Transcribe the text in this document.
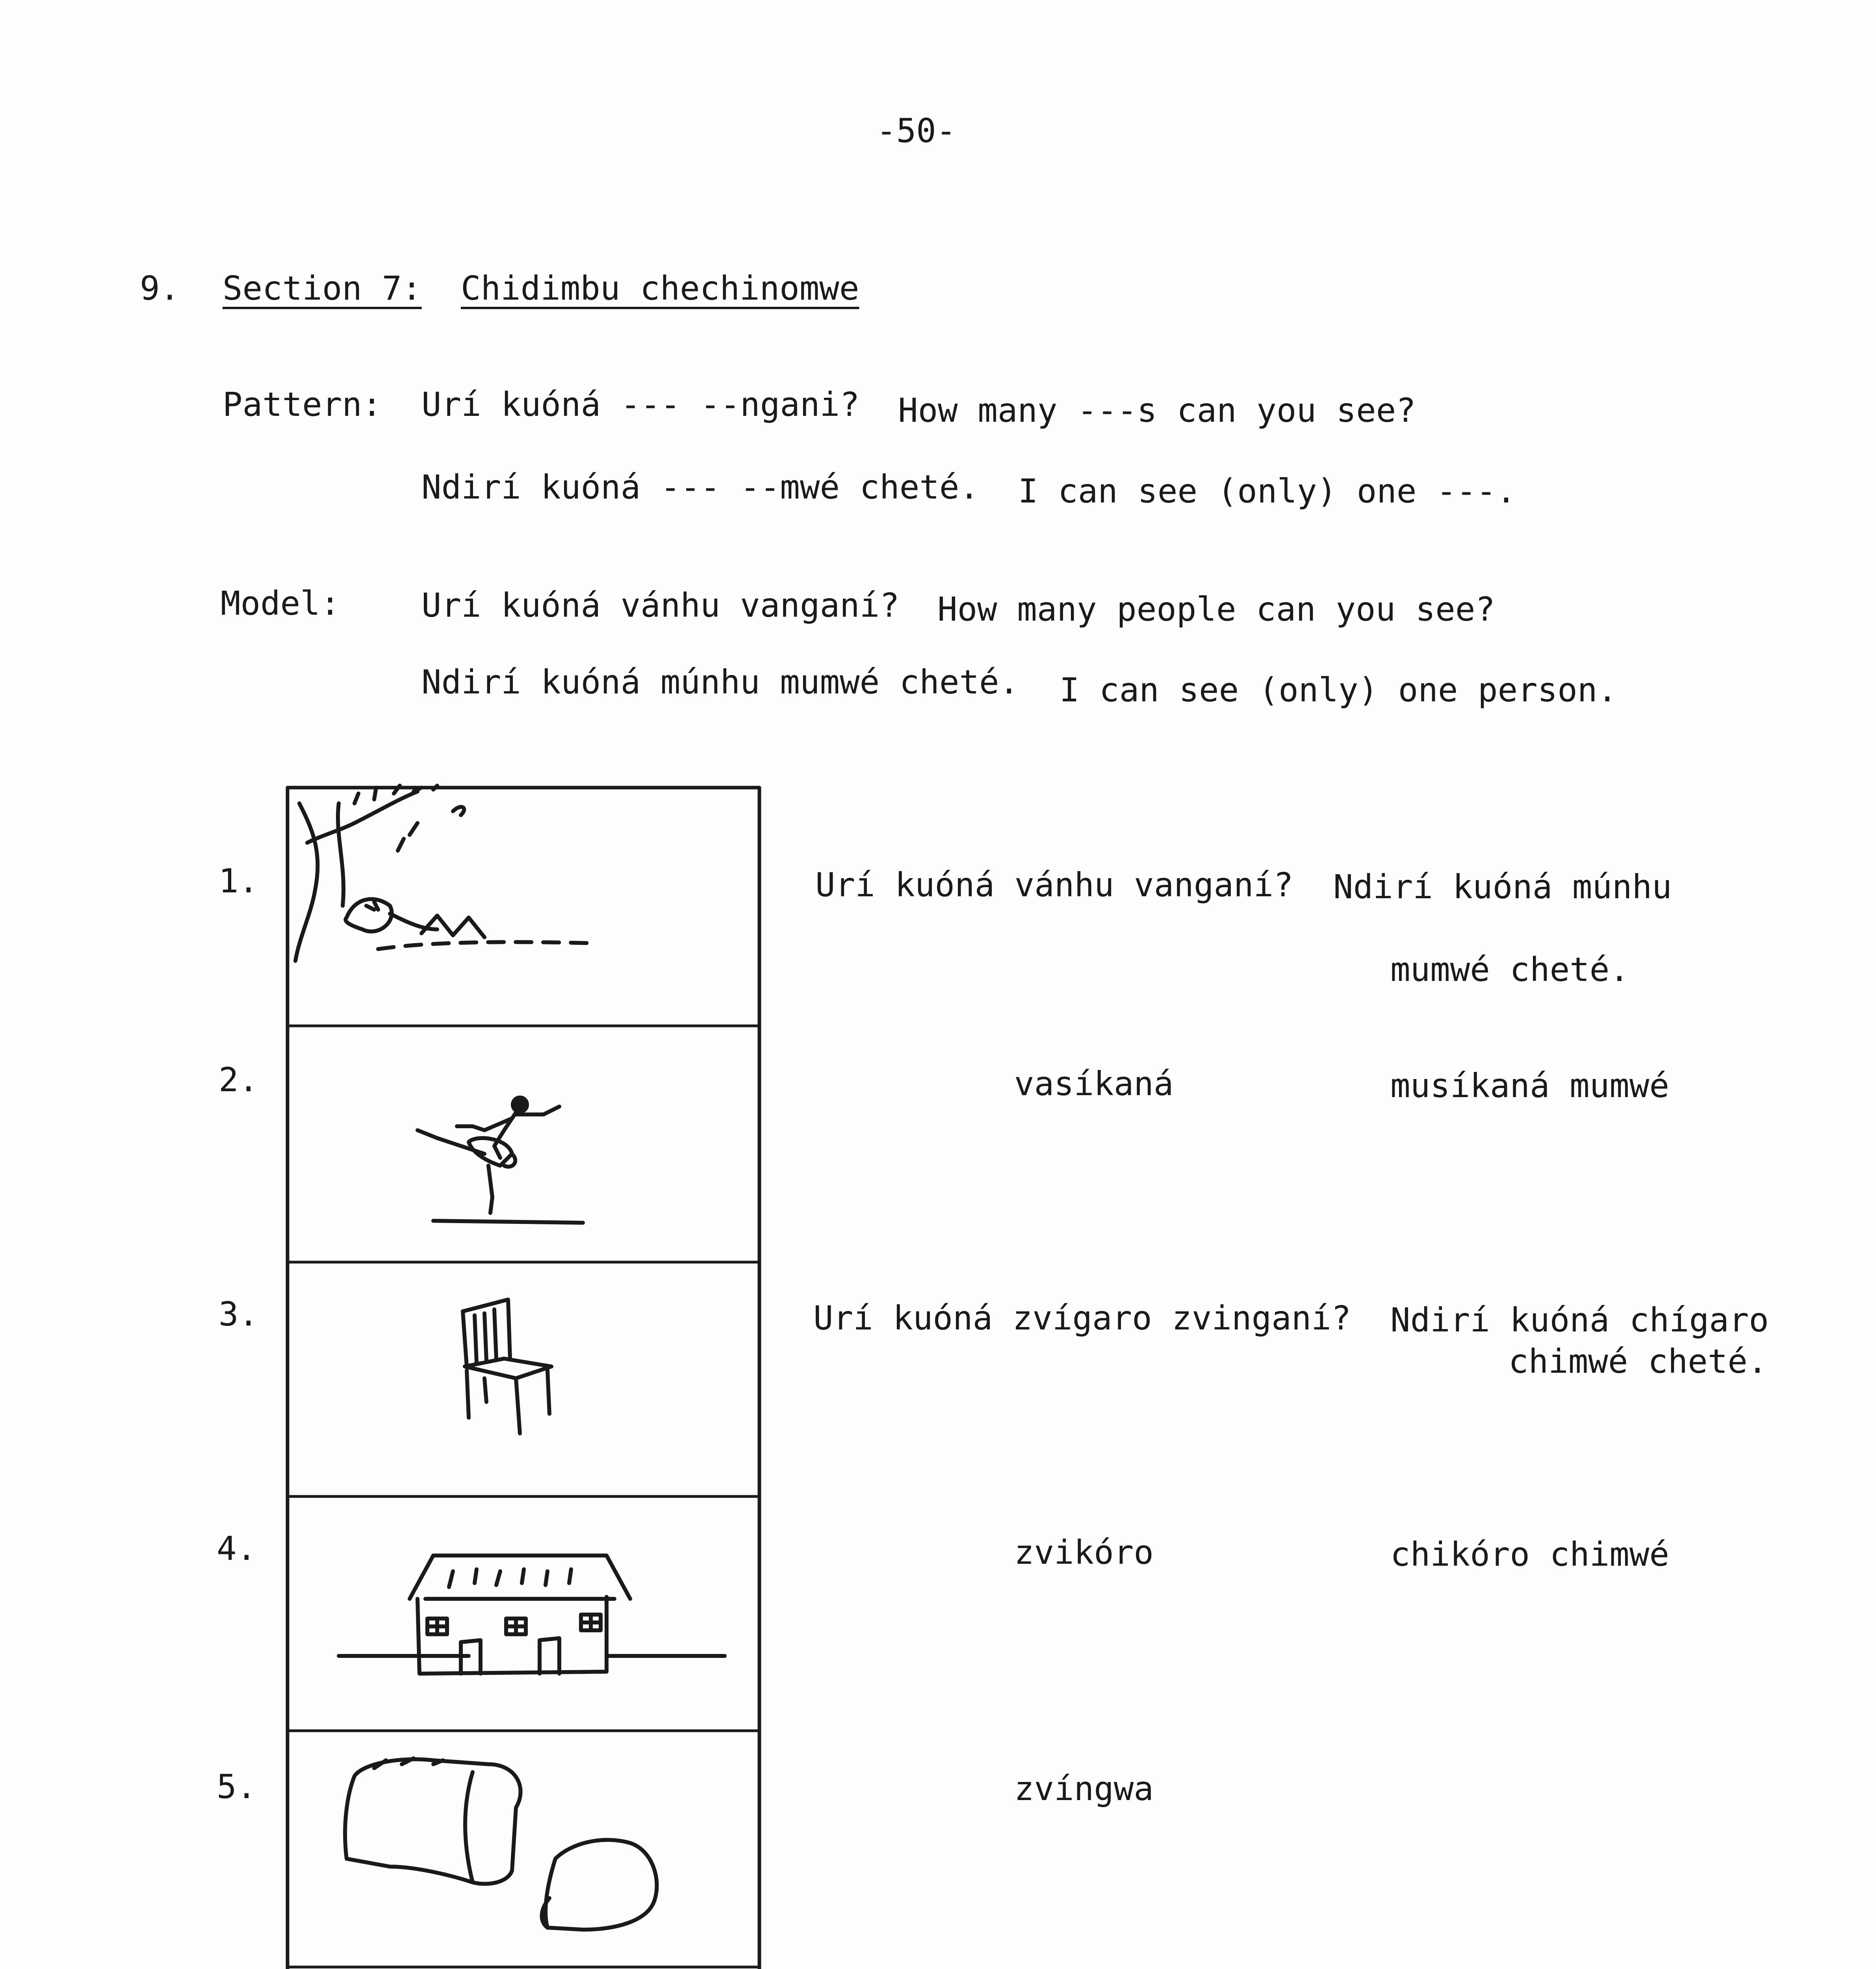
-50-
9. Section 7: Chidimbu chechinomwe
Pattern: Urí kuóná --- --ngani? How many ---s can you see?
Ndirí kuóná --- --mwé cheté. I can see (only) one ---.
Model: Urí kuóná vánhu vanganí? How many people can you see?
Ndirí kuóná múnhu mumwé cheté. I can see (only) one person.
1.
2.
3.
4.
5.
Urí kuóná vánhu vanganí? Ndirí kuóná múnhu
mumwé cheté.
vasíkaná	musíkaná mumwé
Urí kuóná zvígaro zvinganí? Ndirí kuóná chígaro
chimwé cheté.
zvikóro	chikóro chimwé
zvíngwa
